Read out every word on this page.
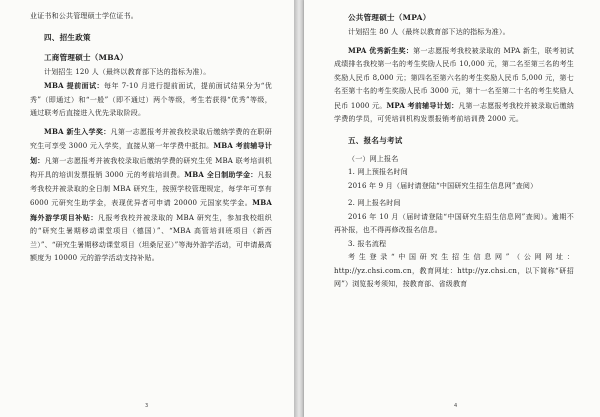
业证书和公共管理硕士学位证书。

四、招生政策
工商管理硕士（MBA）

计划招生 120 人（最终以教育部下达的指标为准）。

MBA 提前面试：每年 7-10 月进行提前面试，提前面试结果分为“优秀”（即通过）和“一般”（即不通过）两个等级，考生若获得“优秀”等级，通过联考后直接进入优先录取阶段。

MBA 新生入学奖：凡第一志愿报考并被我校录取后缴纳学费的在职研究生可享受 3000 元入学奖，直接从第一年学费中抵扣。MBA 考前辅导计划：凡第一志愿报考并被我校录取后缴纳学费的研究生凭 MBA 联考培训机构开具的培训发票报销 3000 元的考前培训费。MBA 全日制助学金：凡报考我校并被录取的全日制 MBA 研究生，按照学校管理规定，每学年可享有 6000 元研究生助学金，表现优异者可申请 20000 元国家奖学金。MBA 海外游学项目补贴：凡报考我校并被录取的 MBA 研究生，参加我校组织的“研究生暑期移动课堂项目（德国）”、“MBA 高管培训班项目（新西兰）”、“研究生暑期移动课堂项目（坦桑尼亚）”等海外游学活动，可申请最高额度为 10000 元的游学活动支持补贴。

3
公共管理硕士（MPA）

计划招生 80 人（最终以教育部下达的指标为准）。

MPA 优秀新生奖：第一志愿报考我校被录取的 MPA 新生，联考初试成绩排名我校第一名的考生奖励人民币 10,000 元，第二名至第三名的考生奖励人民币 8,000 元；第四名至第六名的考生奖励人民币 5,000 元，第七名至第十名的考生奖励人民币 3000 元，第十一名至第二十名的考生奖励人民币 1000 元。MPA 考前辅导计划：凡第一志愿报考我校并被录取后缴纳学费的学员，可凭培训机构发票报销考前培训费 2000 元。

五、报名与考试

（一）网上报名

1. 网上预报名时间

2016 年 9 月（届时请登陆“中国研究生招生信息网”查阅）

2. 网上报名时间

2016 年 10 月（届时请登陆“中国研究生招生信息网”查阅）。逾期不再补报，也不得再修改报名信息。

3. 报名流程

考生登录“中国研究生招生信息网”（公网网址：http://yz.chsi.com.cn，教育网址：http://yz.chsi.cn，以下简称“研招网”）浏览报考须知，按教育部、省级教育

4
